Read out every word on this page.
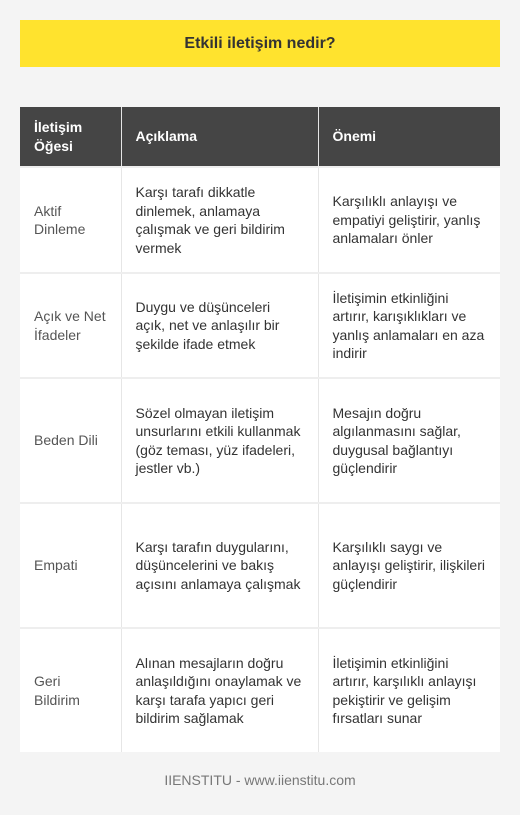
Etkili iletişim nedir?
İletişim Öğesi	Açıklama	Önemi
Aktif Dinleme	Karşı tarafı dikkatle dinlemek, anlamaya çalışmak ve geri bildirim vermek	Karşılıklı anlayışı ve empatiyi geliştirir, yanlış anlamaları önler
Açık ve Net İfadeler	Duygu ve düşünceleri açık, net ve anlaşılır bir şekilde ifade etmek	İletişimin etkinliğini artırır, karışıklıkları ve yanlış anlamaları en aza indirir
Beden Dili	Sözel olmayan iletişim unsurlarını etkili kullanmak (göz teması, yüz ifadeleri, jestler vb.)	Mesajın doğru algılanmasını sağlar, duygusal bağlantıyı güçlendirir
Empati	Karşı tarafın duygularını, düşüncelerini ve bakış açısını anlamaya çalışmak	Karşılıklı saygı ve anlayışı geliştirir, ilişkileri güçlendirir
Geri Bildirim	Alınan mesajların doğru anlaşıldığını onaylamak ve karşı tarafa yapıcı geri bildirim sağlamak	İletişimin etkinliğini artırır, karşılıklı anlayışı pekiştirir ve gelişim fırsatları sunar
IIENSTITU - www.iienstitu.com
